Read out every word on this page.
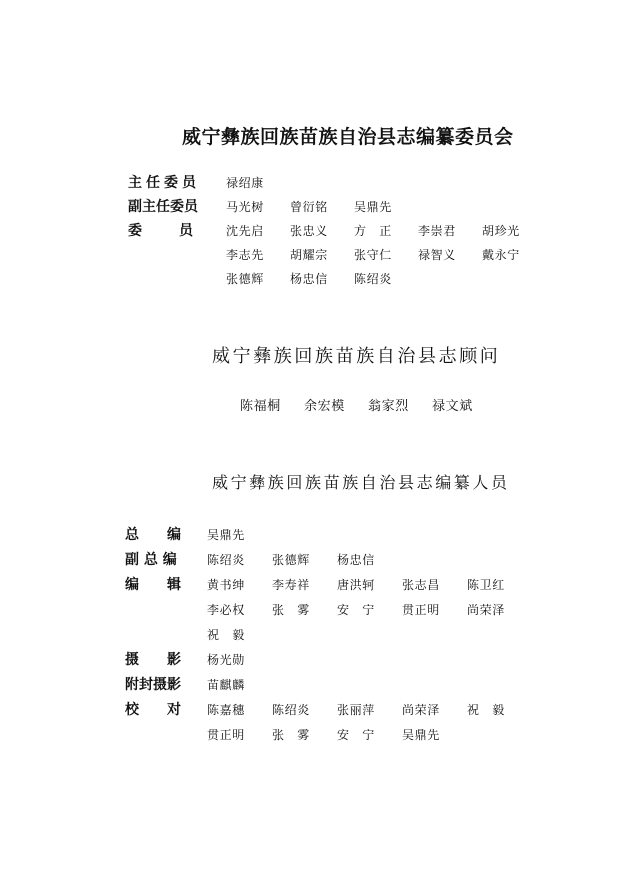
威宁彝族回族苗族自治县志编纂委员会
主任委员	禄绍康
副主任委员	马光树	曾衍铭	吴鼎先
委　　员	沈先启	张忠义	方　正	李崇君	胡珍光
李志先	胡耀宗	张守仁	禄智义	戴永宁
张德辉	杨忠信	陈绍炎
威宁彝族回族苗族自治县志顾问
陈福桐	余宏模	翁家烈	禄文斌
威宁彝族回族苗族自治县志编纂人员
总　　编	吴鼎先
副 总 编	陈绍炎	张德辉	杨忠信
编　　辑	黄书绅	李寿祥	唐洪轲	张志昌	陈卫红
李必权	张　雾	安　宁	贯正明	尚荣泽
祝　毅
摄　　影	杨光勋
附封摄影	苗麒麟
校　　对	陈嘉穗	陈绍炎	张丽萍	尚荣泽	祝　毅
贯正明	张　雾	安　宁	吴鼎先
